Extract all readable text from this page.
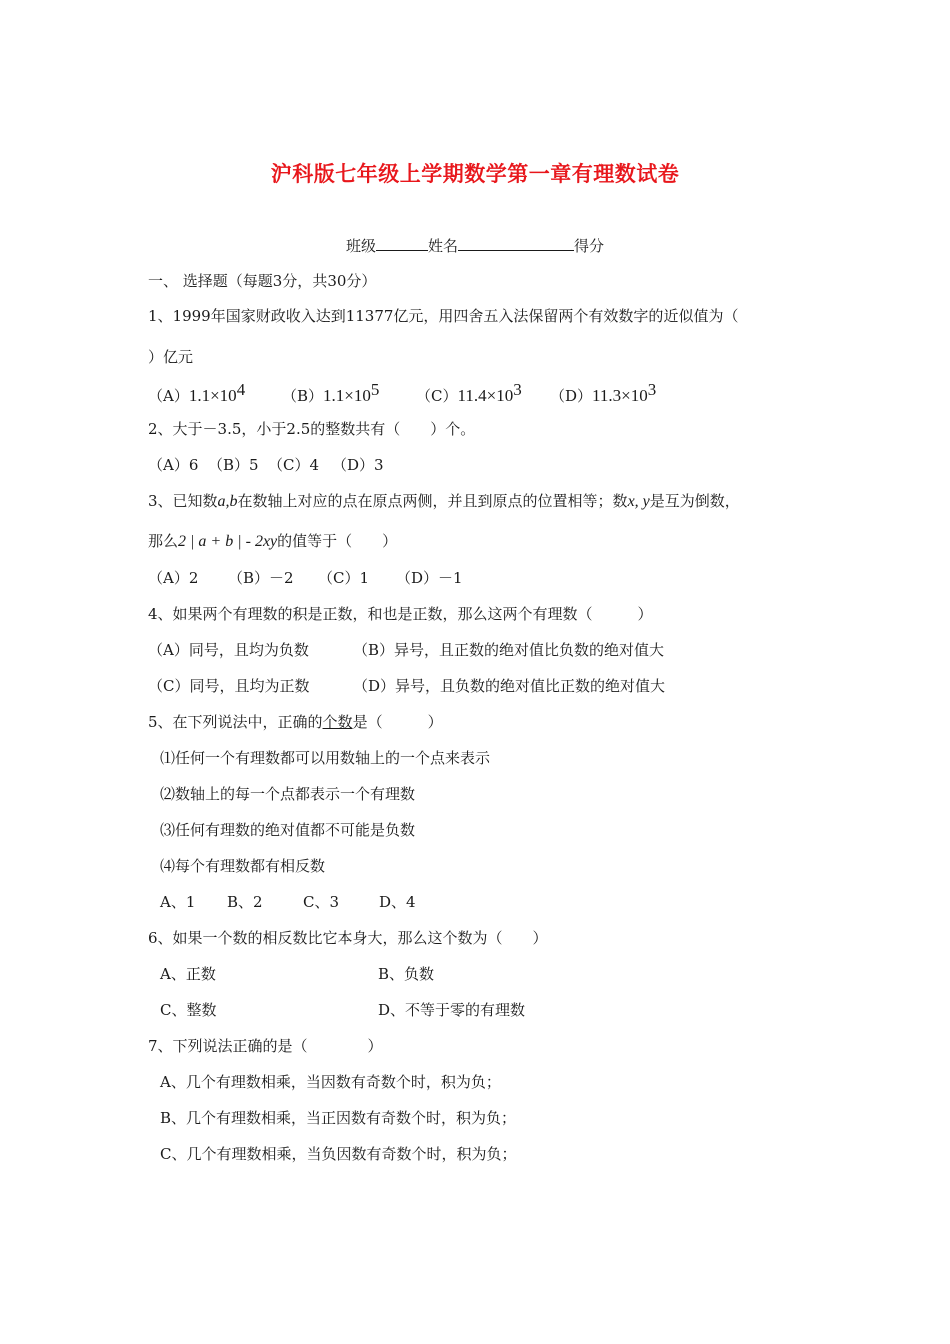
沪科版七年级上学期数学第一章有理数试卷
班级	姓名	得分
一、 选择题（每题3分，共30分）
1、1999年国家财政收入达到11377亿元，用四舍五入法保留两个有效数字的近似值为（
）亿元
$(A)1.1\times 10^4$ $(B)1.1\times 10^5$ $(C)11.4\times 10^3$ $(D)11.3\times 10^3$
2、大于－3.5，小于2.5的整数共有（　　）个。
（A）6 （B）5 （C）4 （D）3
3、已知数a,b在数轴上对应的点在原点两侧，并且到原点的位置相等；数x, y是互为倒数，
那么2 | a + b | - 2xy的值等于（　　）
（A）2 （B）－2 （C）1 （D）－1
4、如果两个有理数的积是正数，和也是正数，那么这两个有理数（　　　）
（A）同号，且均为负数	（B）异号，且正数的绝对值比负数的绝对值大
（C）同号，且均为正数	（D）异号，且负数的绝对值比正数的绝对值大
5、在下列说法中，正确的个数是（　　　）
⑴任何一个有理数都可以用数轴上的一个点来表示
⑵数轴上的每一个点都表示一个有理数
⑶任何有理数的绝对值都不可能是负数
⑷每个有理数都有相反数
A、1 B、2	C、3	D、4
6、如果一个数的相反数比它本身大，那么这个数为（　　）
A、正数	B、负数
C、整数	D、不等于零的有理数
7、下列说法正确的是（　　　　）
A、几个有理数相乘，当因数有奇数个时，积为负；
B、几个有理数相乘，当正因数有奇数个时，积为负；
C、几个有理数相乘，当负因数有奇数个时，积为负；
